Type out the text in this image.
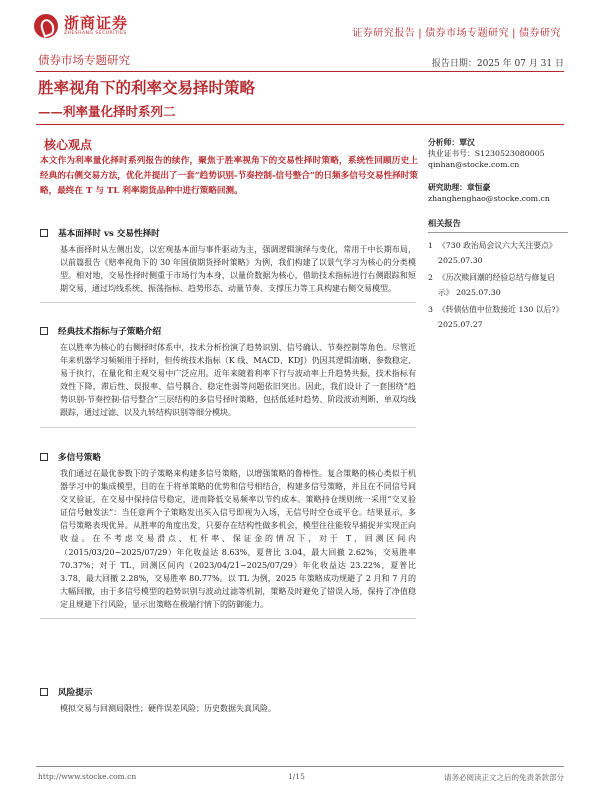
浙商证券
ZHESHANG SECURITIES	证券研究报告 | 债券市场专题研究 | 债券研究
债券市场专题研究	报告日期：2025 年 07 月 31 日
胜率视角下的利率交易择时策略
——利率量化择时系列二
核心观点
本文作为利率量化择时系列报告的续作，聚焦于胜率视角下的交易性择时策略，系统性回顾历史上经典的右侧交易方法，优化并提出了一套“趋势识别-节奏控制-信号整合”的日频多信号交易性择时策略，最终在 T 与 TL 利率期货品种中进行策略回测。
分析师：覃汉
执业证书号：S1230523080005
qinhan@stocke.com.cn
研究助理：章恒豪
zhanghenghao@stocke.com.cn
相关报告
1 《730 政治局会议六大关注要点》 2025.07.30
2 《历次赎回潮的经验总结与修复启示》 2025.07.30
3 《转债估值中位数接近 130 以后?》 2025.07.27
基本面择时 vs 交易性择时
基本面择时从左侧出发，以宏观基本面与事件驱动为主，强调逻辑演绎与变化，常用于中长期布局，以前篇报告《赔率视角下的 30 年国债期货择时策略》为例，我们构建了以景气学习为核心的分类模型。相对地，交易性择时侧重于市场行为本身，以量价数据为核心，借助技术指标进行右侧跟踪和短期交易，通过均线系统、振荡指标、趋势形态、动量节奏、支撑压力等工具构建右侧交易模型。
经典技术指标与子策略介绍
在以胜率为核心的右侧择时体系中，技术分析扮演了趋势识别、信号确认、节奏控制等角色。尽管近年来机器学习频频用于择时，但传统技术指标（K 线、MACD、KDJ）仍因其逻辑清晰、参数稳定、易于执行，在量化和主观交易中广泛应用。近年来随着利率下行与波动率上升趋势共振，技术指标有效性下降，滞后性、误报率、信号耦合、稳定性弱等问题依旧突出。因此，我们设计了一套围绕“趋势识别-节奏控制-信号整合”三层结构的多信号择时策略，包括低延时趋势、阶段波动判断、单双均线跟踪，通过过滤、以及九转结构识别等细分模块。
多信号策略
我们通过在最优参数下的子策略来构建多信号策略，以增强策略的鲁棒性。复合策略的核心类似于机器学习中的集成模型，目的在于将单策略的优势和信号相结合，构建多信号策略，并且在不同信号间交叉验证，在交易中保持信号稳定，进而降低交易频率以节约成本。策略持仓规则统一采用“交叉验证信号触发法”：当任意两个子策略发出买入信号即视为入场，无信号时空仓或平仓。结果显示，多信号策略表现优异。从胜率的角度出发，只要存在结构性做多机会，模型往往能较早捕捉并实现正向收益。在不考虑交易滑点、杠杆率、保证金的情况下，对于 T，回测区间内（2015/03/20~2025/07/29）年化收益达 8.63%，夏普比 3.04，最大回撤 2.62%，交易胜率 70.37%；对于 TL，回测区间内（2023/04/21~2025/07/29）年化收益达 23.22%，夏普比 3.78，最大回撤 2.28%，交易胜率 80.77%。以 TL 为例，2025 年策略成功规避了 2 月和 7 月的大幅回撤，由于多信号模型的趋势识别与波动过滤等机制，策略及时避免了错误入场，保持了净值稳定且规避下行风险，显示出策略在极端行情下的防御能力。
风险提示
模拟交易与回测局限性；硬件误差风险；历史数据失真风险。
http://www.stocke.com.cn	1/15	请务必阅读正文之后的免责条款部分
